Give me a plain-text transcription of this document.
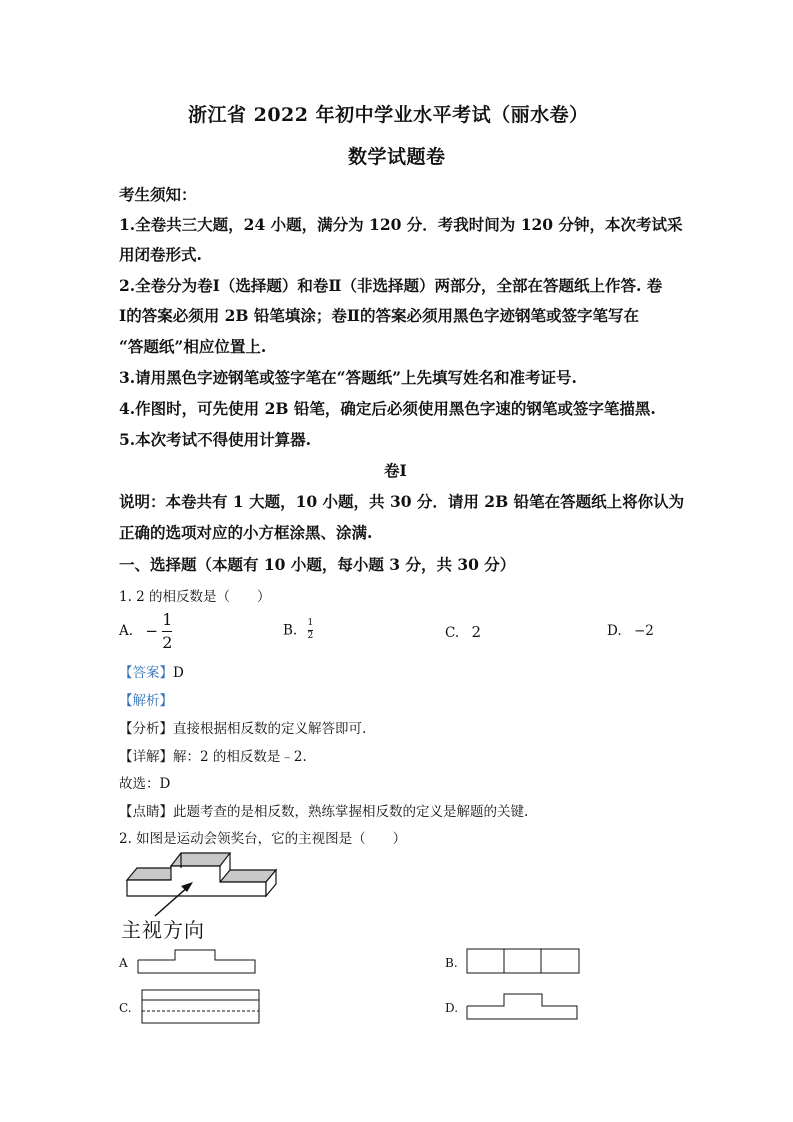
浙江省 2022 年初中学业水平考试（丽水卷）
数学试题卷
考生须知：
1.全卷共三大题，24 小题，满分为 120 分．考我时间为 120 分钟，本次考试采
用闭卷形式.
2.全卷分为卷Ⅰ（选择题）和卷Ⅱ（非选择题）两部分，全部在答题纸上作答. 卷
Ⅰ的答案必须用 2B 铅笔填涂；卷Ⅱ的答案必须用黑色字迹钢笔或签字笔写在
“答题纸”相应位置上.
3.请用黑色字迹钢笔或签字笔在“答题纸”上先填写姓名和准考证号.
4.作图时，可先使用 2B 铅笔，确定后必须使用黑色字速的钢笔或签字笔描黑.
5.本次考试不得使用计算器.
卷Ⅰ
说明：本卷共有 1 大题，10 小题，共 30 分．请用 2B 铅笔在答题纸上将你认为
正确的选项对应的小方框涂黑、涂满.
一、选择题（本题有 10 小题，每小题 3 分，共 30 分）
1. 2 的相反数是（　　）
A. − $\frac{1}{2}$	B. $\frac{1}{2}$	C. 2	D. −2
【答案】D
【解析】
【分析】直接根据相反数的定义解答即可.
【详解】解：2 的相反数是﹣2.
故选：D
【点睛】此题考查的是相反数，熟练掌握相反数的定义是解题的关键.
2. 如图是运动会领奖台，它的主视图是（　　）
主视方向
A	B.
C.	D.
